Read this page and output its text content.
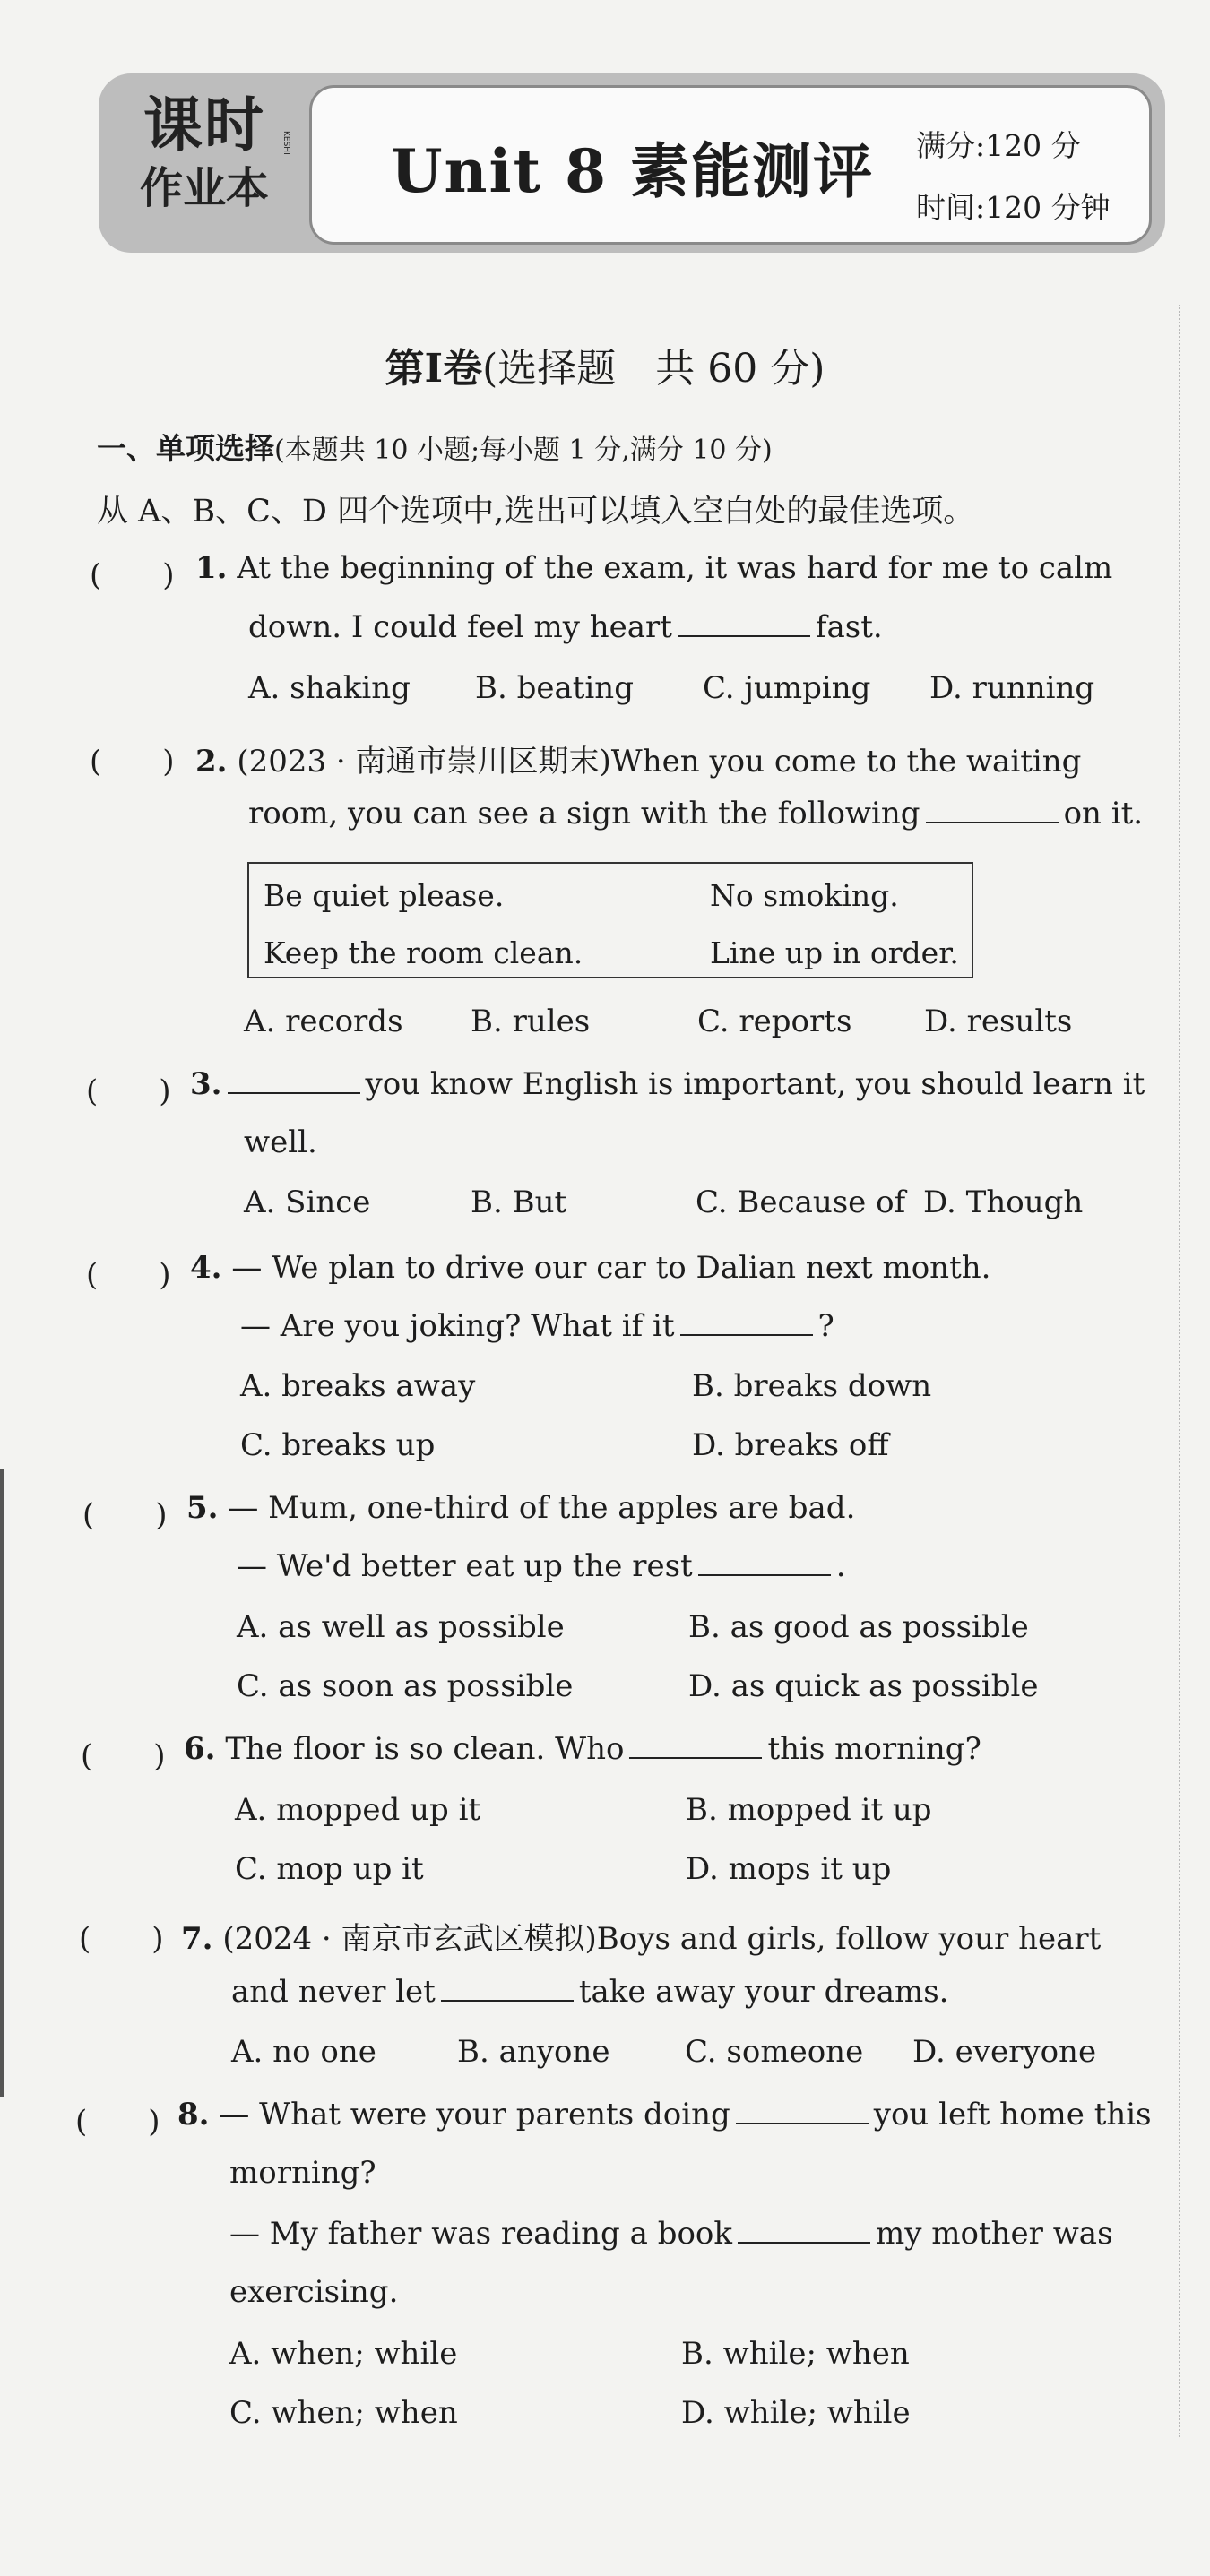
课时
作业本
KESHI Unit 8 素能测评 满分:120 分
时间:120 分钟
第Ⅰ卷(选择题　共 60 分)
一、单项选择(本题共 10 小题;每小题 1 分,满分 10 分)
从 A、B、C、D 四个选项中,选出可以填入空白处的最佳选项。
(　　) 1. At the beginning of the exam, it was hard for me to calm
down. I could feel my heart	fast.
A. shaking B. beating C. jumping D. running
(　　) 2. (2023 · 南通市崇川区期末)When you come to the waiting
room, you can see a sign with the following	on it.
Be quiet please.	No smoking.
Keep the room clean.	Line up in order.
A. records B. rules	C. reports D. results
(　　) 3.	you know English is important, you should learn it
well.
A. Since	B. But	C. Because of D. Though
(　　) 4. — We plan to drive our car to Dalian next month.
— Are you joking? What if it	?
A. breaks away	B. breaks down
C. breaks up	D. breaks off
(　　) 5. — Mum, one-third of the apples are bad.
— We'd better eat up the rest	.
A. as well as possible	B. as good as possible
C. as soon as possible	D. as quick as possible
(　　) 6. The floor is so clean. Who	this morning?
A. mopped up it	B. mopped it up
C. mop up it	D. mops it up
(　　) 7. (2024 · 南京市玄武区模拟)Boys and girls, follow your heart
and never let	take away your dreams.
A. no one	B. anyone C. someone D. everyone
(　　) 8. — What were your parents doing	you left home this
morning?
— My father was reading a book	my mother was
exercising.
A. when; while	B. while; when
C. when; when	D. while; while
